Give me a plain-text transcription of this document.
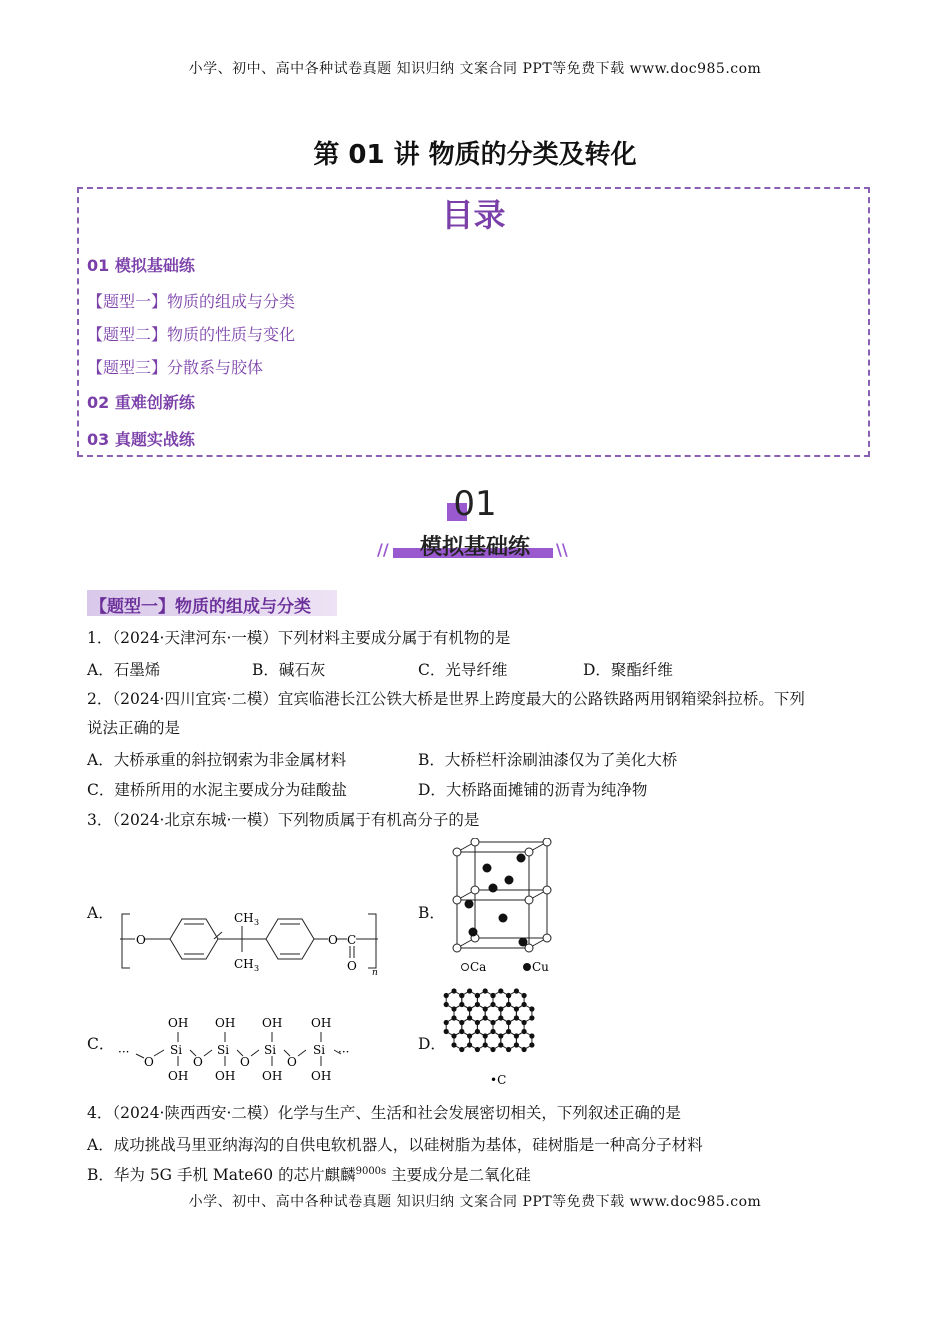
小学、初中、高中各种试卷真题 知识归纳 文案合同 PPT等免费下载 www.doc985.com
第 01 讲 物质的分类及转化
目录
01 模拟基础练
【题型一】物质的组成与分类
【题型二】物质的性质与变化
【题型三】分散系与胶体
02 重难创新练
03 真题实战练
01
模拟基础练
//	\\
【题型一】物质的组成与分类
1．（2024·天津河东·一模）下列材料主要成分属于有机物的是
A．石墨烯	B．碱石灰	C．光导纤维	D．聚酯纤维
2．（2024·四川宜宾·二模）宜宾临港长江公铁大桥是世界上跨度最大的公路铁路两用钢箱梁斜拉桥。下列
说法正确的是
A．大桥承重的斜拉钢索为非金属材料	B．大桥栏杆涂刷油漆仅为了美化大桥
C．建桥所用的水泥主要成分为硅酸盐	D．大桥路面摊铺的沥青为纯净物
3．（2024·北京东城·一模）下列物质属于有机高分子的是
A．	B．
C．	D．
O
CH 3
CH 3
O C
O n	Ca	Cu
···
O
OH
Si
OH
O
OH
Si
OH
O
OH
Si
OH
O
OH
Si
OH
···
•C
4．（2024·陕西西安·二模）化学与生产、生活和社会发展密切相关，下列叙述正确的是
A．成功挑战马里亚纳海沟的自供电软机器人，以硅树脂为基体，硅树脂是一种高分子材料
B．华为 5G 手机 Mate60 的芯片麒麟$^{9000s}$ 主要成分是二氧化硅
小学、初中、高中各种试卷真题 知识归纳 文案合同 PPT等免费下载 www.doc985.com
